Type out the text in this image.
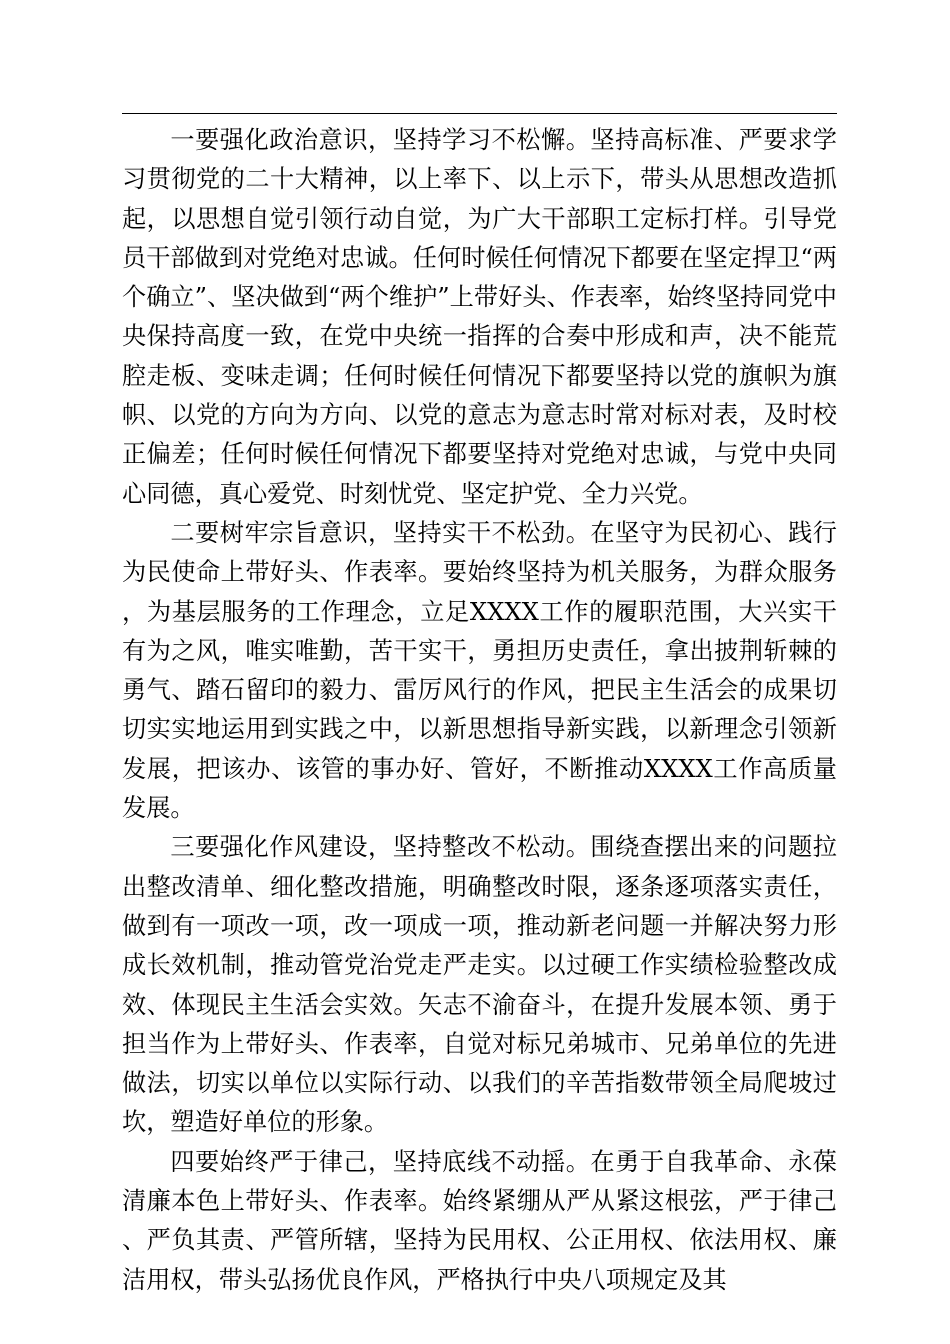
一要强化政治意识，坚持学习不松懈。坚持高标准、严要求学习贯彻党的二十大精神，以上率下、以上示下，带头从思想改造抓起，以思想自觉引领行动自觉，为广大干部职工定标打样。引导党员干部做到对党绝对忠诚。任何时候任何情况下都要在坚定捍卫“两个确立”、坚决做到“两个维护”上带好头、作表率，始终坚持同党中央保持高度一致，在党中央统一指挥的合奏中形成和声，决不能荒腔走板、变味走调；任何时候任何情况下都要坚持以党的旗帜为旗帜、以党的方向为方向、以党的意志为意志时常对标对表，及时校正偏差；任何时候任何情况下都要坚持对党绝对忠诚，与党中央同心同德，真心爱党、时刻忧党、坚定护党、全力兴党。

二要树牢宗旨意识，坚持实干不松劲。在坚守为民初心、践行为民使命上带好头、作表率。要始终坚持为机关服务，为群众服务，为基层服务的工作理念，立足XXXX工作的履职范围，大兴实干有为之风，唯实唯勤，苦干实干，勇担历史责任，拿出披荆斩棘的勇气、踏石留印的毅力、雷厉风行的作风，把民主生活会的成果切切实实地运用到实践之中，以新思想指导新实践，以新理念引领新发展，把该办、该管的事办好、管好，不断推动XXXX工作高质量发展。

三要强化作风建设，坚持整改不松动。围绕查摆出来的问题拉出整改清单、细化整改措施，明确整改时限，逐条逐项落实责任，做到有一项改一项，改一项成一项，推动新老问题一并解决努力形成长效机制，推动管党治党走严走实。以过硬工作实绩检验整改成效、体现民主生活会实效。矢志不渝奋斗，在提升发展本领、勇于担当作为上带好头、作表率，自觉对标兄弟城市、兄弟单位的先进做法，切实以单位以实际行动、以我们的辛苦指数带领全局爬坡过坎，塑造好单位的形象。

四要始终严于律己，坚持底线不动摇。在勇于自我革命、永葆清廉本色上带好头、作表率。始终紧绷从严从紧这根弦，严于律己、严负其责、严管所辖，坚持为民用权、公正用权、依法用权、廉洁用权，带头弘扬优良作风，严格执行中央八项规定及其
